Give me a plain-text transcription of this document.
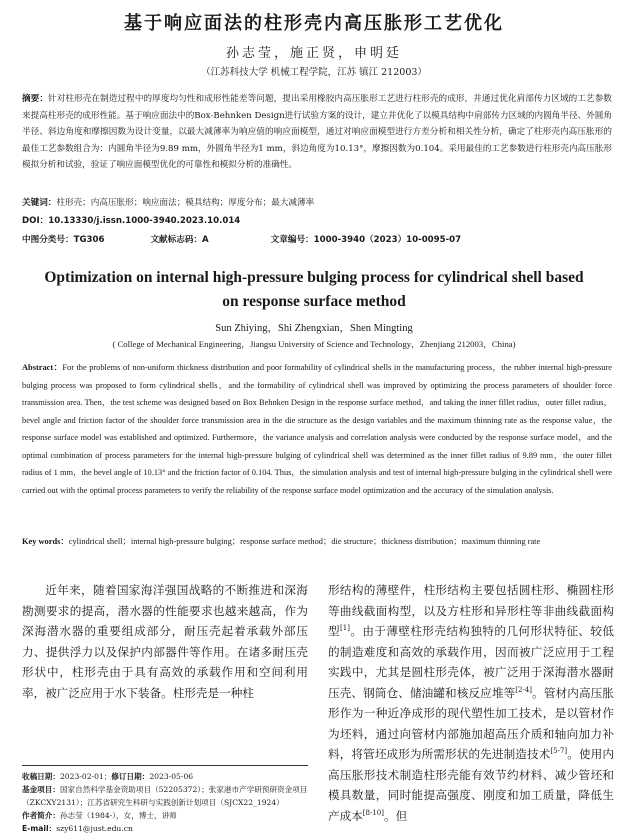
基于响应面法的柱形壳内高压胀形工艺优化
孙志莹，施正贤，申明廷
（江苏科技大学 机械工程学院，江苏 镇江 212003）
摘要：针对柱形壳在制造过程中的厚度均匀性和成形性能差等问题，提出采用橡胶内高压胀形工艺进行柱形壳的成形，并通过优化肩部传力区域的工艺参数来提高柱形壳的成形性能。基于响应面法中的Box-Behnken Design进行试验方案的设计，建立并优化了以模具结构中肩部传力区域的内圆角半径、外圆角半径、斜边角度和摩擦因数为设计变量，以最大减薄率为响应值的响应面模型，通过对响应面模型进行方差分析和相关性分析，确定了柱形壳内高压胀形的最佳工艺参数组合为：内圆角半径为9.89 mm，外圆角半径为1 mm，斜边角度为10.13°，摩擦因数为0.104。采用最佳的工艺参数进行柱形壳内高压胀形模拟分析和试验，验证了响应面模型优化的可靠性和模拟分析的准确性。
关键词：柱形壳；内高压胀形；响应面法；模具结构；厚度分布；最大减薄率
DOI：10.13330/j.issn.1000-3940.2023.10.014
中图分类号：TG306	文献标志码：A	文章编号：1000-3940（2023）10-0095-07
Optimization on internal high-pressure bulging process for cylindrical shell based on response surface method
Sun Zhiying，Shi Zhengxian，Shen Mingting
( College of Mechanical Engineering，Jiangsu University of Science and Technology，Zhenjiang 212003，China)
Abstract：For the problems of non-uniform thickness distribution and poor formability of cylindrical shells in the manufacturing process，the rubber internal high-pressure bulging process was proposed to form cylindrical shells，and the formability of cylindrical shell was improved by optimizing the process parameters of shoulder force transmission area. Then，the test scheme was designed based on Box Behnken Design in the response surface method，and taking the inner fillet radius，outer fillet radius，bevel angle and friction factor of the shoulder force transmission area in the die structure as the design variables and the maximum thinning rate as the response value，the response surface model was established and optimized. Furthermore，the variance analysis and correlation analysis were conducted by the response surface model，and the optimal combination of process parameters for the internal high-pressure bulging of cylindrical shell was determined as the inner fillet radius of 9.89 mm，the outer fillet radius of 1 mm，the bevel angle of 10.13° and the friction factor of 0.104. Thus，the simulation analysis and test of internal high-pressure bulging in the cylindrical shell were carried out with the optimal process parameters to verify the reliability of the response surface model optimization and the accuracy of the simulation analysis.
Key words：cylindrical shell；internal high-pressure bulging；response surface method；die structure；thickness distribution；maximum thinning rate
近年来，随着国家海洋强国战略的不断推进和深海勘测要求的提高，潜水器的性能要求也越来越高，作为深海潜水器的重要组成部分，耐压壳起着承载外部压力、提供浮力以及保护内部器件等作用。在诸多耐压壳形状中，柱形壳由于具有高效的承载作用和空间利用率，被广泛应用于水下装备。柱形壳是一种柱
形结构的薄壁件，柱形结构主要包括圆柱形、椭圆柱形等曲线截面构型，以及方柱形和异形柱等非曲线截面构型[1]。由于薄壁柱形壳结构独特的几何形状特征、较低的制造难度和高效的承载作用，因而被广泛应用于工程实践中，尤其是圆柱形壳体，被广泛用于深海潜水器耐压壳、钢筒仓、储油罐和核反应堆等[2-4]。管材内高压胀形作为一种近净成形的现代塑性加工技术，是以管材作为坯料，通过向管材内部施加超高压介质和轴向加力补料，将管坯成形为所需形状的先进制造技术[5-7]。使用内高压胀形技术制造柱形壳能有效节约材料、减少管坯和模具数量，同时能提高强度、刚度和加工质量，降低生产成本[8-10]。但
收稿日期：2023-02-01；修订日期：2023-05-06
基金项目：国家自然科学基金资助项目（52205372）；张家港市产学研预研资金项目（ZKCXY2131）；江苏省研究生科研与实践创新计划项目（SJCX22_1924）
作者简介：孙志莹（1984-），女，博士，讲师
E-mail：szy611@just.edu.cn
